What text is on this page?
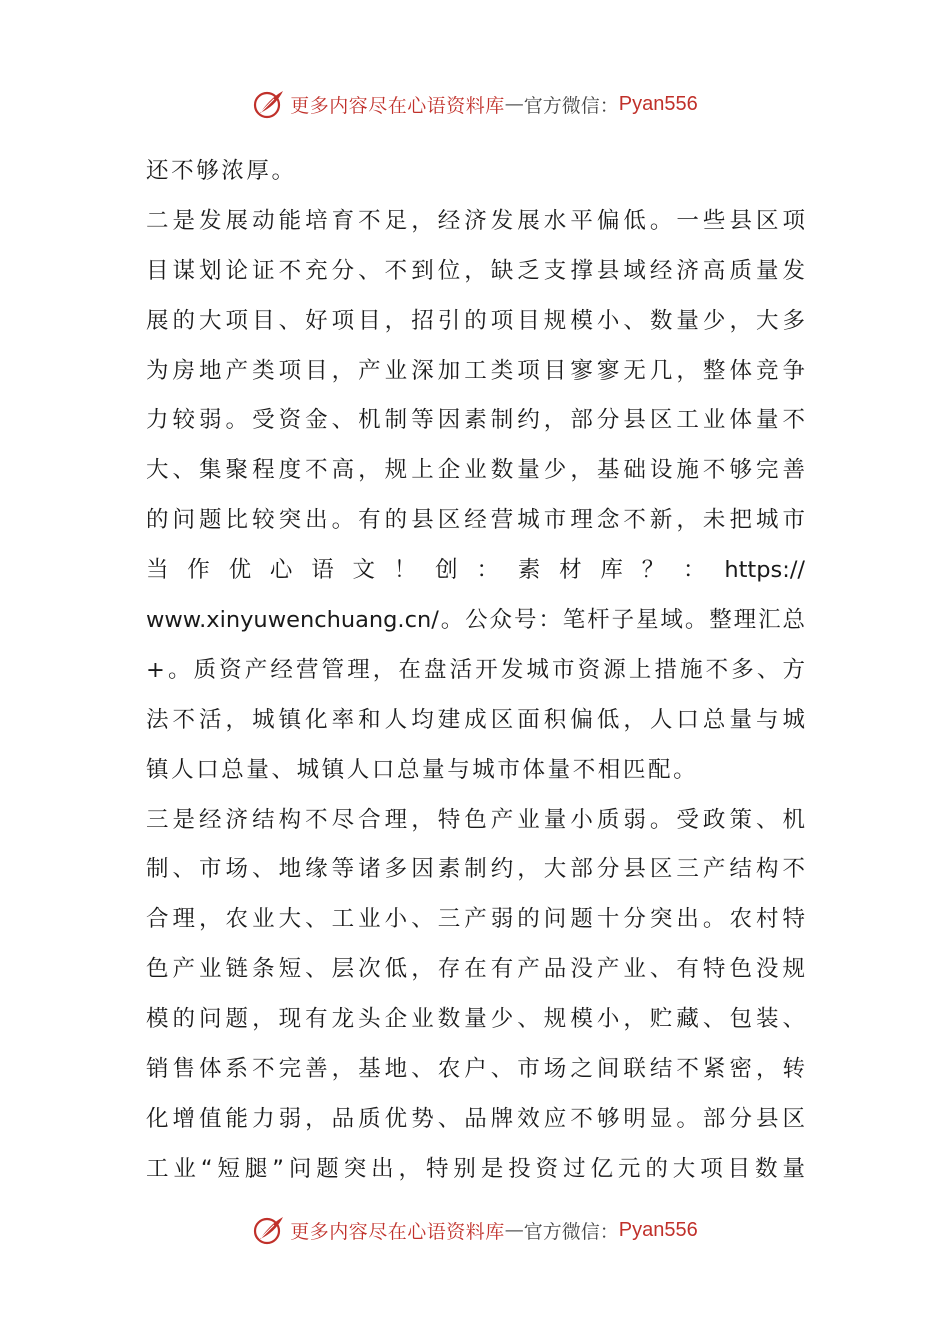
更多内容尽在心语资料库 — 官方微信： Pyan556
还不够浓厚。
二是发展动能培育不足，经济发展水平偏低。一些县区项
目谋划论证不充分、不到位，缺乏支撑县域经济高质量发
展的大项目、好项目，招引的项目规模小、数量少，大多
为房地产类项目，产业深加工类项目寥寥无几，整体竞争
力较弱。受资金、机制等因素制约，部分县区工业体量不
大、集聚程度不高，规上企业数量少，基础设施不够完善
的问题比较突出。有的县区经营城市理念不新，未把城市
当作优心语文！创：素材库？：https://
www.xinyuwenchuang.cn/。公众号：笔杆子星域。整理汇总
+。质资产经营管理，在盘活开发城市资源上措施不多、方
法不活，城镇化率和人均建成区面积偏低，人口总量与城
镇人口总量、城镇人口总量与城市体量不相匹配。
三是经济结构不尽合理，特色产业量小质弱。受政策、机
制、市场、地缘等诸多因素制约，大部分县区三产结构不
合理，农业大、工业小、三产弱的问题十分突出。农村特
色产业链条短、层次低，存在有产品没产业、有特色没规
模的问题，现有龙头企业数量少、规模小，贮藏、包装、
销售体系不完善，基地、农户、市场之间联结不紧密，转
化增值能力弱，品质优势、品牌效应不够明显。部分县区
工业“短腿”问题突出，特别是投资过亿元的大项目数量
更多内容尽在心语资料库 — 官方微信： Pyan556
